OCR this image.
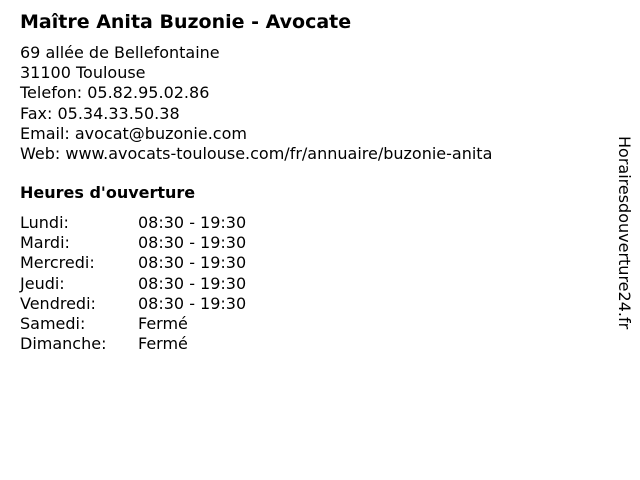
Maître Anita Buzonie - Avocate
69 allée de Bellefontaine
31100 Toulouse
Telefon: 05.82.95.02.86
Fax: 05.34.33.50.38
Email: avocat@buzonie.com
Web: www.avocats-toulouse.com/fr/annuaire/buzonie-anita
Heures d'ouverture
Lundi:	08:30 - 19:30
Mardi:	08:30 - 19:30
Mercredi:	08:30 - 19:30
Jeudi:	08:30 - 19:30
Vendredi:	08:30 - 19:30
Samedi:	Fermé
Dimanche: Fermé
Horairesdouverture24.fr
